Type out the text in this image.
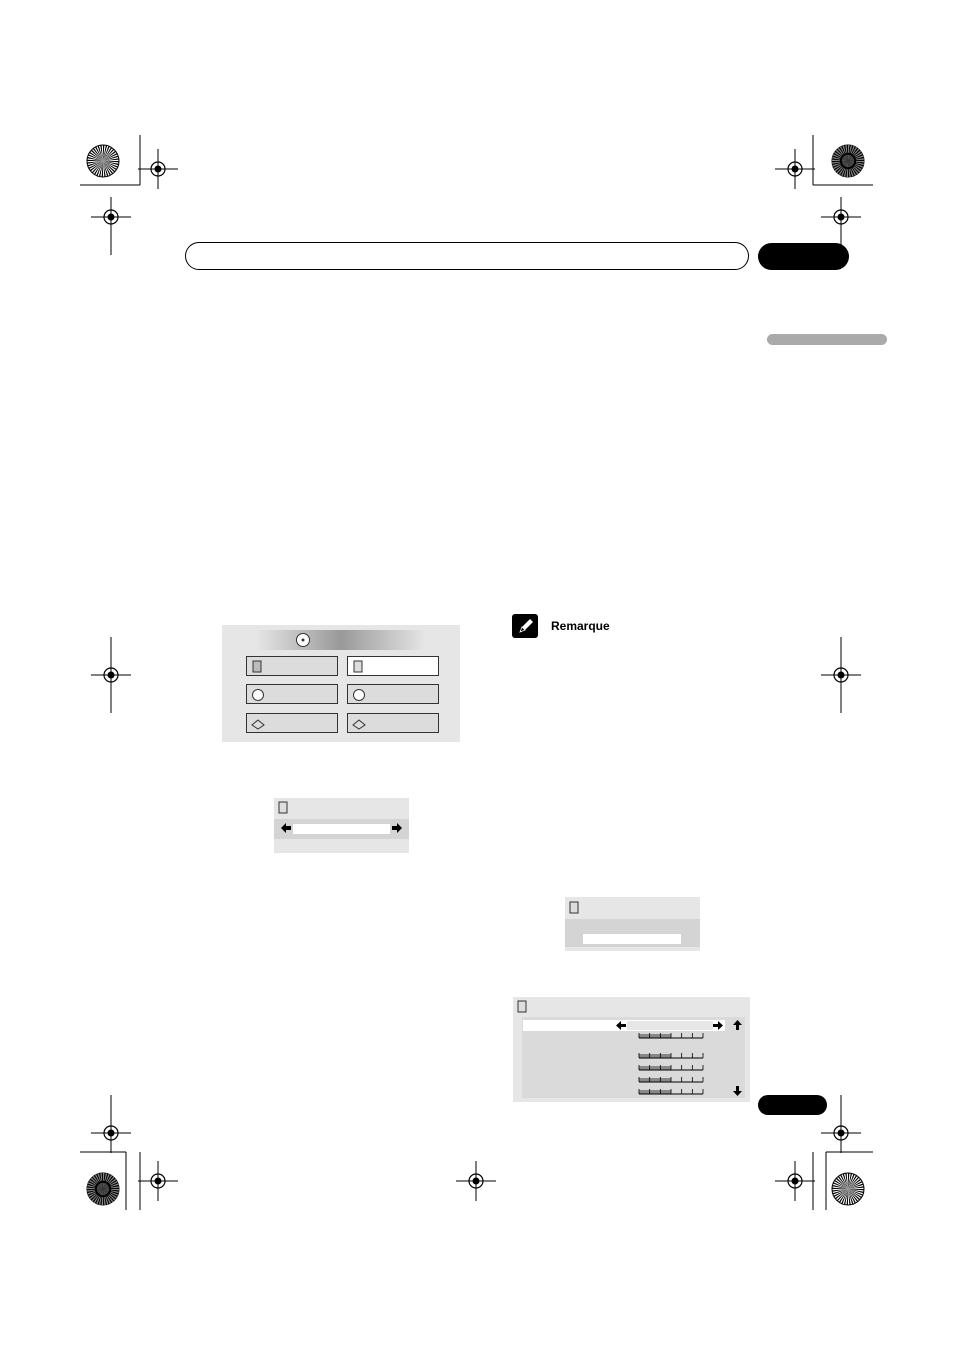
Remarque
